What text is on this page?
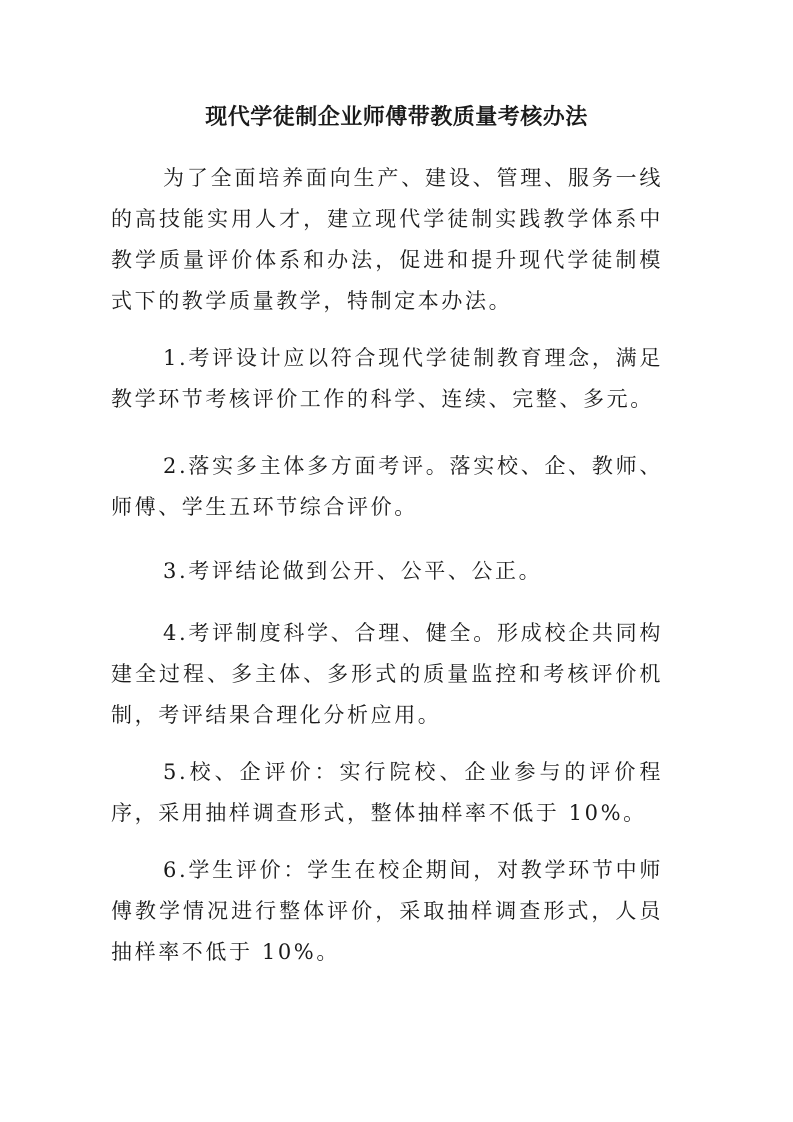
现代学徒制企业师傅带教质量考核办法

为了全面培养面向生产、建设、管理、服务一线的高技能实用人才，建立现代学徒制实践教学体系中教学质量评价体系和办法，促进和提升现代学徒制模式下的教学质量教学，特制定本办法。

1.考评设计应以符合现代学徒制教育理念，满足教学环节考核评价工作的科学、连续、完整、多元。

2.落实多主体多方面考评。落实校、企、教师、师傅、学生五环节综合评价。

3.考评结论做到公开、公平、公正。

4.考评制度科学、合理、健全。形成校企共同构建全过程、多主体、多形式的质量监控和考核评价机制，考评结果合理化分析应用。

5.校、企评价：实行院校、企业参与的评价程序，采用抽样调查形式，整体抽样率不低于 10%。

6.学生评价：学生在校企期间，对教学环节中师傅教学情况进行整体评价，采取抽样调查形式，人员抽样率不低于 10%。
